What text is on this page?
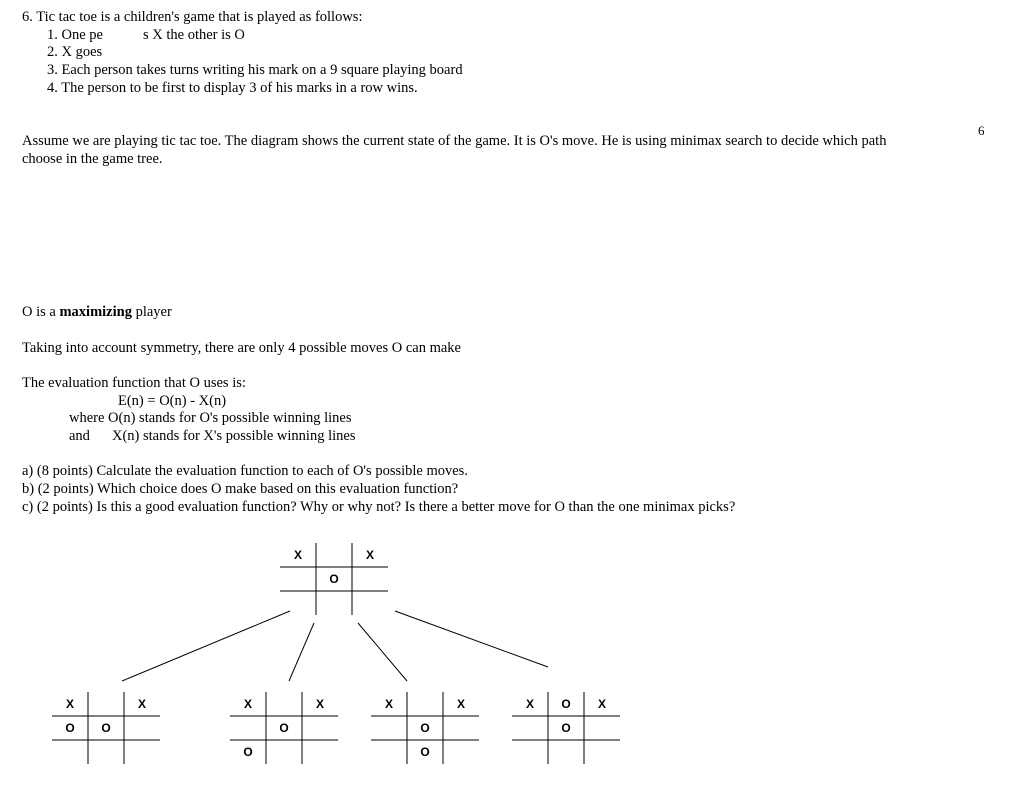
6. Tic tac toe is a children's game that is played as follows:
1. One pe	s X the other is O
2. X goes
3. Each person takes turns writing his mark on a 9 square playing board
4. The person to be first to display 3 of his marks in a row wins.
6
Assume we are playing tic tac toe. The diagram shows the current state of the game. It is O's move. He is using minimax search to decide which path
choose in the game tree.
O is a maximizing player
Taking into account symmetry, there are only 4 possible moves O can make
The evaluation function that O uses is:
E(n) = O(n) - X(n)
where O(n) stands for O's possible winning lines
and X(n) stands for X's possible winning lines
a) (8 points) Calculate the evaluation function to each of O's possible moves.
b) (2 points) Which choice does O make based on this evaluation function?
c) (2 points) Is this a good evaluation function? Why or why not? Is there a better move for O than the one minimax picks?
X	X
O
X	X
O O
X	X
O
O
X	X
O
O
X O X
O
